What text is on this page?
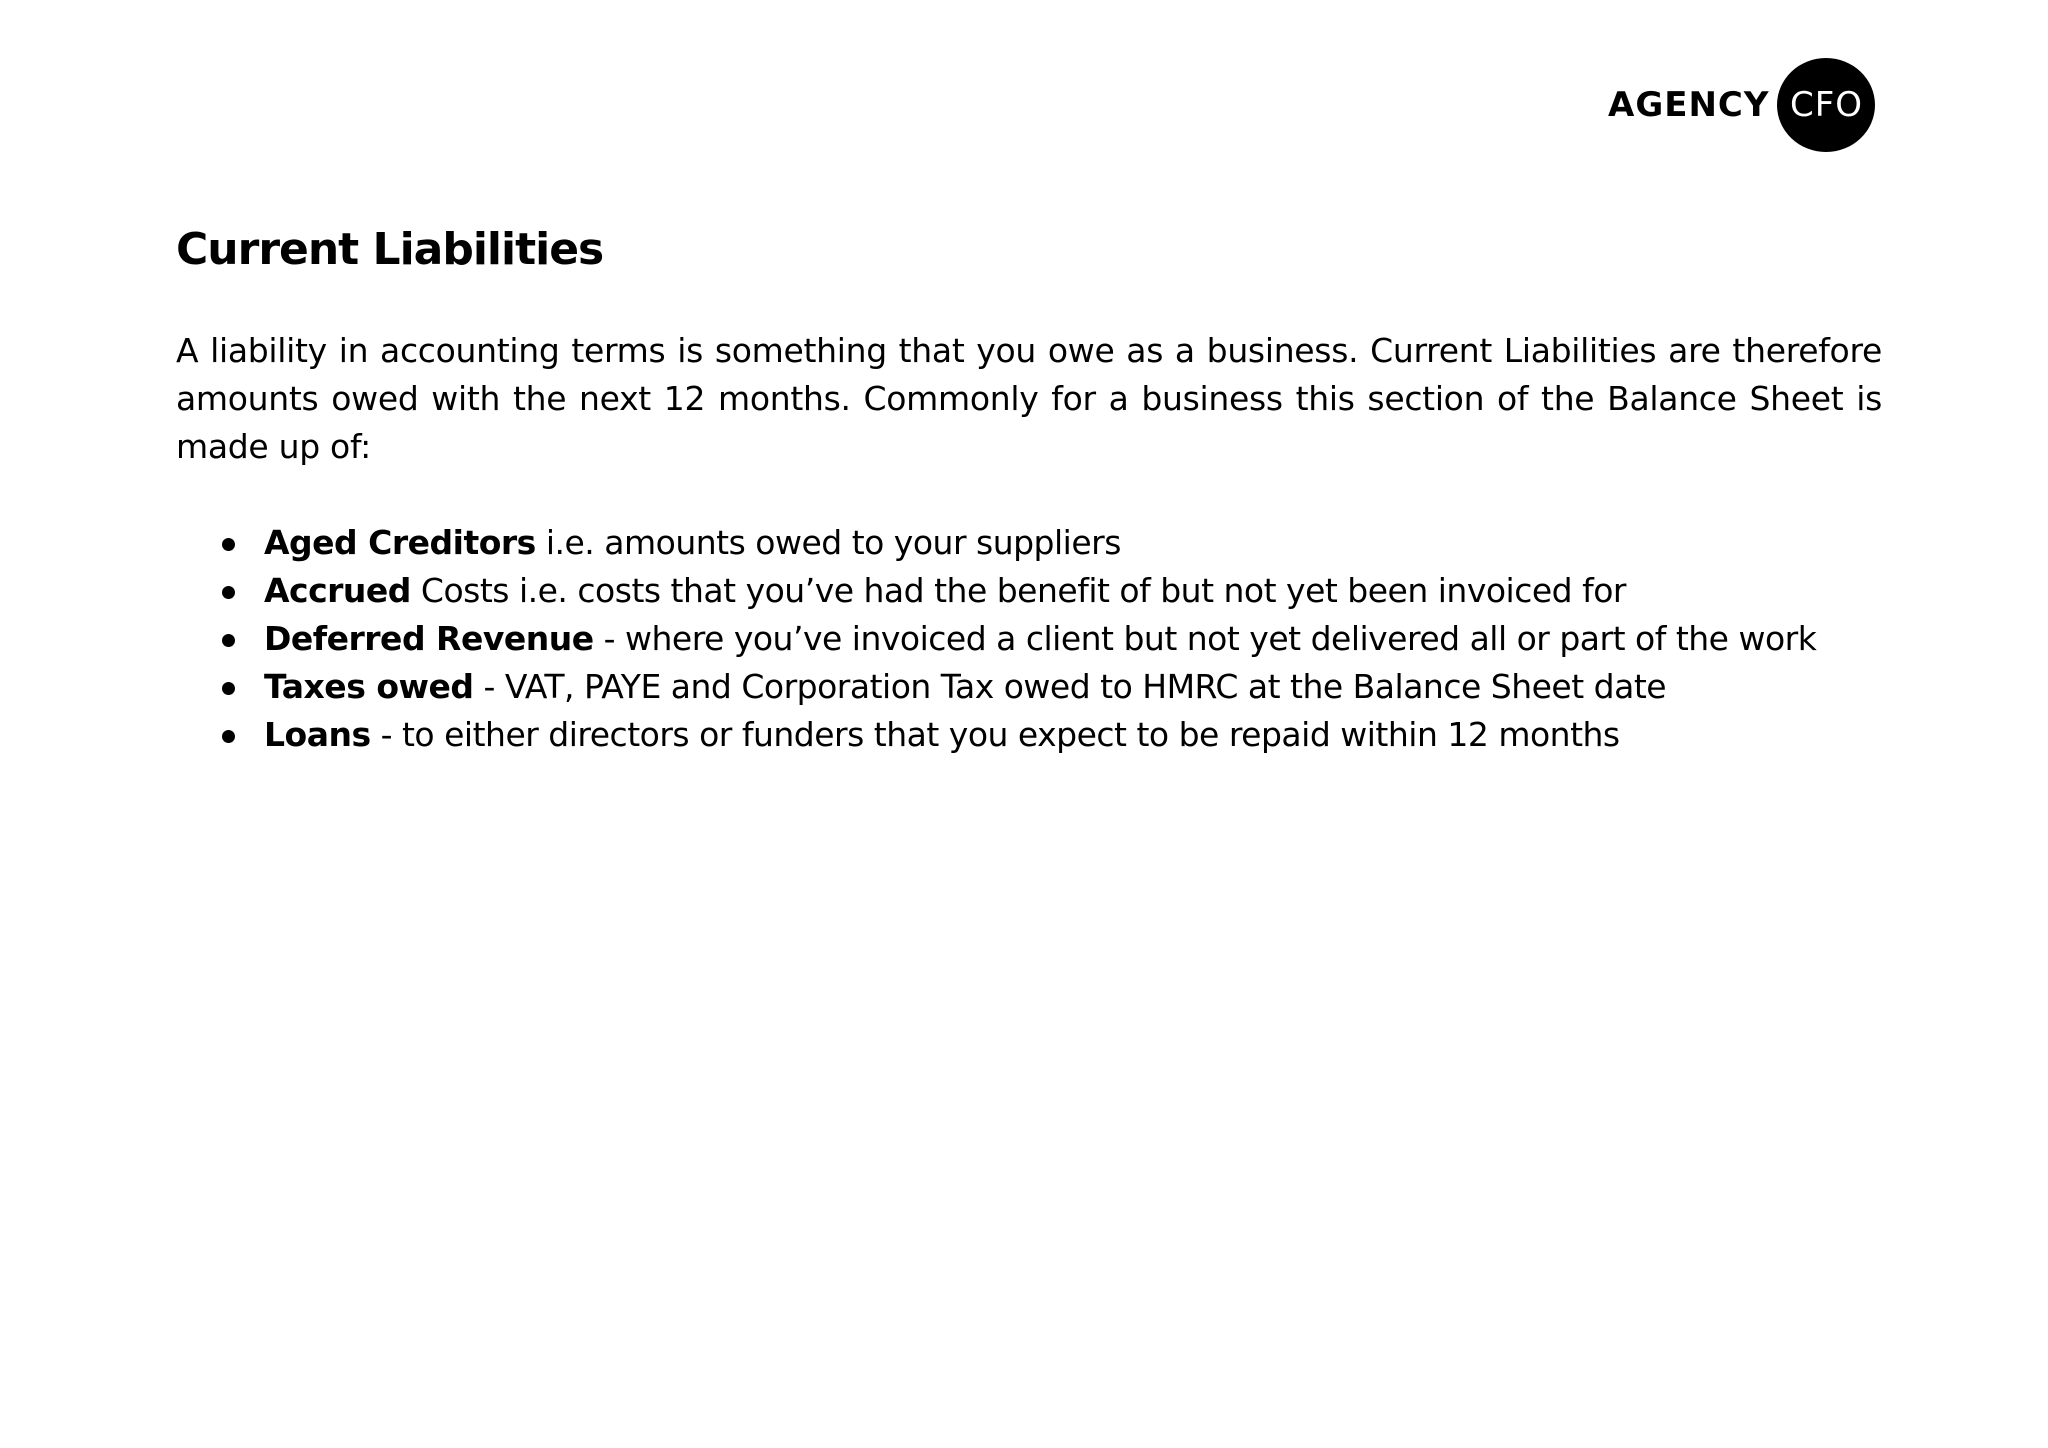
AGENCY CFO
Current Liabilities

A liability in accounting terms is something that you owe as a business. Current Liabilities are therefore amounts owed with the next 12 months. Commonly for a business this section of the Balance Sheet is made up of:

Aged Creditors i.e. amounts owed to your suppliers
Accrued Costs i.e. costs that you’ve had the benefit of but not yet been invoiced for
Deferred Revenue - where you’ve invoiced a client but not yet delivered all or part of the work
Taxes owed - VAT, PAYE and Corporation Tax owed to HMRC at the Balance Sheet date
Loans - to either directors or funders that you expect to be repaid within 12 months
